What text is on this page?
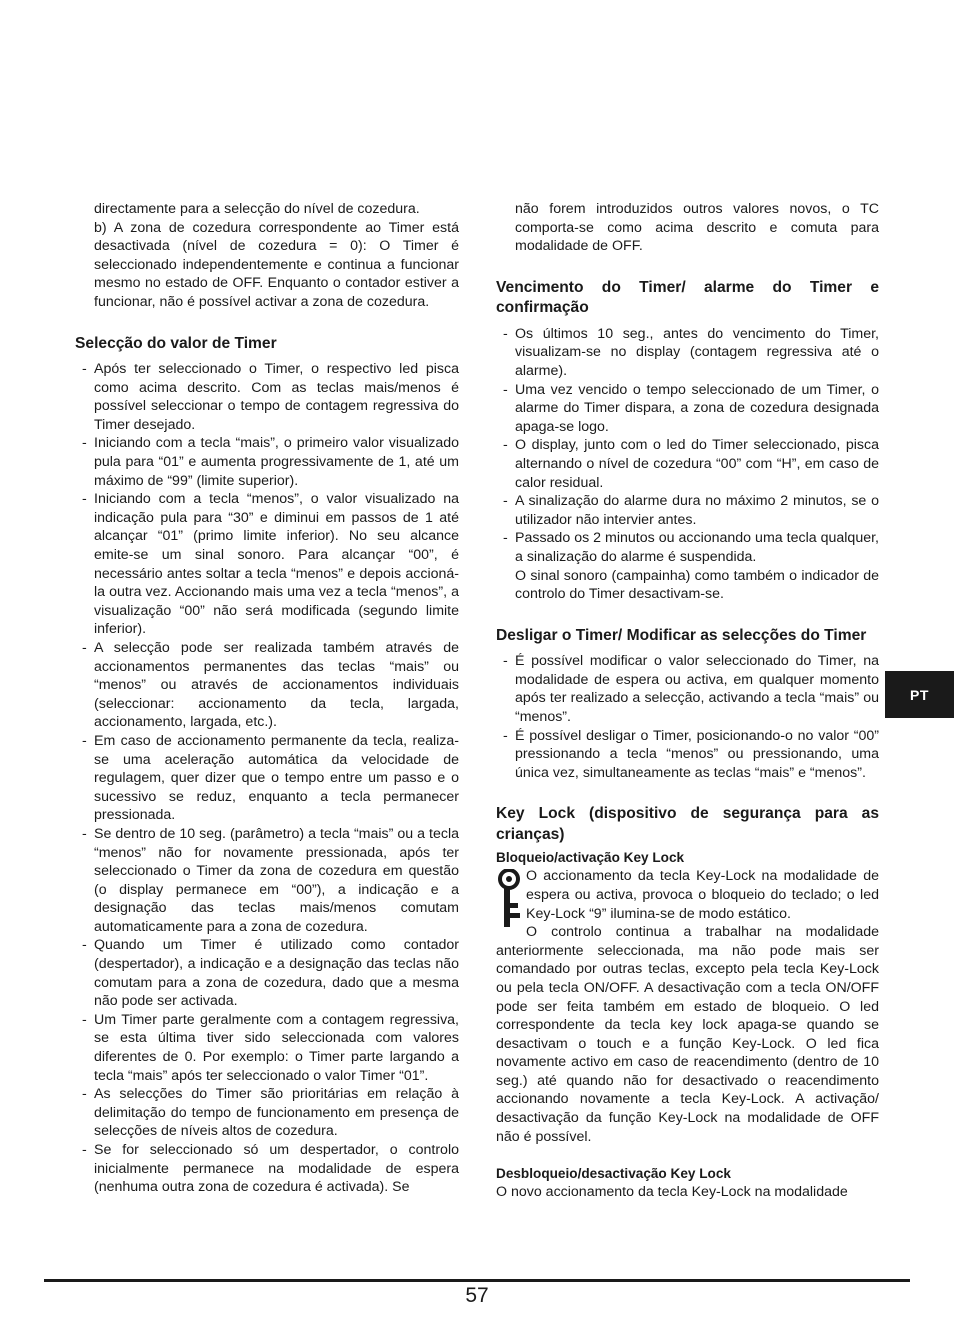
directamente para a selecção do nível de cozedura.

b) A zona de cozedura correspondente ao Timer está desactivada (nível de cozedura = 0): O Timer é seleccionado independentemente e continua a funcionar mesmo no estado de OFF. Enquanto o contador estiver a funcionar, não é possível activar a zona de cozedura.

Selecção do valor de Timer
- Após ter seleccionado o Timer, o respectivo led pisca como acima descrito. Com as teclas mais/menos é possível seleccionar o tempo de contagem regressiva do Timer desejado.
- Iniciando com a tecla “mais”, o primeiro valor visualizado pula para “01” e aumenta progressivamente de 1, até um máximo de “99” (limite superior).
- Iniciando com a tecla “menos”, o valor visualizado na indicação pula para “30” e diminui em passos de 1 até alcançar “01” (primo limite inferior). No seu alcance emite-se um sinal sonoro. Para alcançar “00”, é necessário antes soltar a tecla “menos” e depois accioná-la outra vez. Accionando mais uma vez a tecla “menos”, a visualização “00” não será modificada (segundo limite inferior).
- A selecção pode ser realizada também através de accionamentos permanentes das teclas “mais” ou “menos” ou através de accionamentos individuais (seleccionar: accionamento da tecla, largada, accionamento, largada, etc.).
- Em caso de accionamento permanente da tecla, realiza-se uma aceleração automática da velocidade de regulagem, quer dizer que o tempo entre um passo e o sucessivo se reduz, enquanto a tecla permanecer pressionada.
- Se dentro de 10 seg. (parâmetro) a tecla “mais” ou a tecla “menos” não for novamente pressionada, após ter seleccionado o Timer da zona de cozedura em questão (o display permanece em “00”), a indicação e a designação das teclas mais/menos comutam automaticamente para a zona de cozedura.
- Quando um Timer é utilizado como contador (despertador), a indicação e a designação das teclas não comutam para a zona de cozedura, dado que a mesma não pode ser activada.
- Um Timer parte geralmente com a contagem regressiva, se esta última tiver sido seleccionada com valores diferentes de 0. Por exemplo: o Timer parte largando a tecla “mais” após ter seleccionado o valor Timer “01”.
- As selecções do Timer são prioritárias em relação à delimitação do tempo de funcionamento em presença de selecções de níveis altos de cozedura.
- Se for seleccionado só um despertador, o controlo inicialmente permanece na modalidade de espera (nenhuma outra zona de cozedura é activada). Se

não forem introduzidos outros valores novos, o TC comporta-se como acima descrito e comuta para modalidade de OFF.

Vencimento do Timer/ alarme do Timer e confirmação
- Os últimos 10 seg., antes do vencimento do Timer, visualizam-se no display (contagem regressiva até o alarme).
- Uma vez vencido o tempo seleccionado de um Timer, o alarme do Timer dispara, a zona de cozedura designada apaga-se logo.
- O display, junto com o led do Timer seleccionado, pisca alternando o nível de cozedura “00” com “H”, em caso de calor residual.
- A sinalização do alarme dura no máximo 2 minutos, se o utilizador não intervier antes.
- Passado os 2 minutos ou accionando uma tecla qualquer, a sinalização do alarme é suspendida.

O sinal sonoro (campainha) como também o indicador de controlo do Timer desactivam-se.

Desligar o Timer/ Modificar as selecções do Timer
- É possível modificar o valor seleccionado do Timer, na modalidade de espera ou activa, em qualquer momento após ter realizado a selecção, activando a tecla “mais” ou “menos”.
- É possível desligar o Timer, posicionando-o no valor “00” pressionando a tecla “menos” ou pressionando, uma única vez, simultaneamente as teclas “mais” e “menos”.
Key Lock (dispositivo de segurança para as crianças)
Bloqueio/activação Key Lock

O accionamento da tecla Key-Lock na modalidade de espera ou activa, provoca o bloqueio do teclado; o led Key-Lock “9” ilumina-se de modo estático.

O controlo continua a trabalhar na modalidade anteriormente seleccionada, ma não pode mais ser comandado por outras teclas, excepto pela tecla Key-Lock ou pela tecla ON/OFF. A desactivação com a tecla ON/OFF pode ser feita também em estado de bloqueio. O led correspondente da tecla key lock apaga-se quando se desactivam o touch e a função Key-Lock. O led fica novamente activo em caso de reacendimento (dentro de 10 seg.) até quando não for desactivado o reacendimento accionando novamente a tecla Key-Lock. A activação/ desactivação da função Key-Lock na modalidade de OFF não é possível.

Desbloqueio/desactivação Key Lock

O novo accionamento da tecla Key-Lock na modalidade

PT
57
